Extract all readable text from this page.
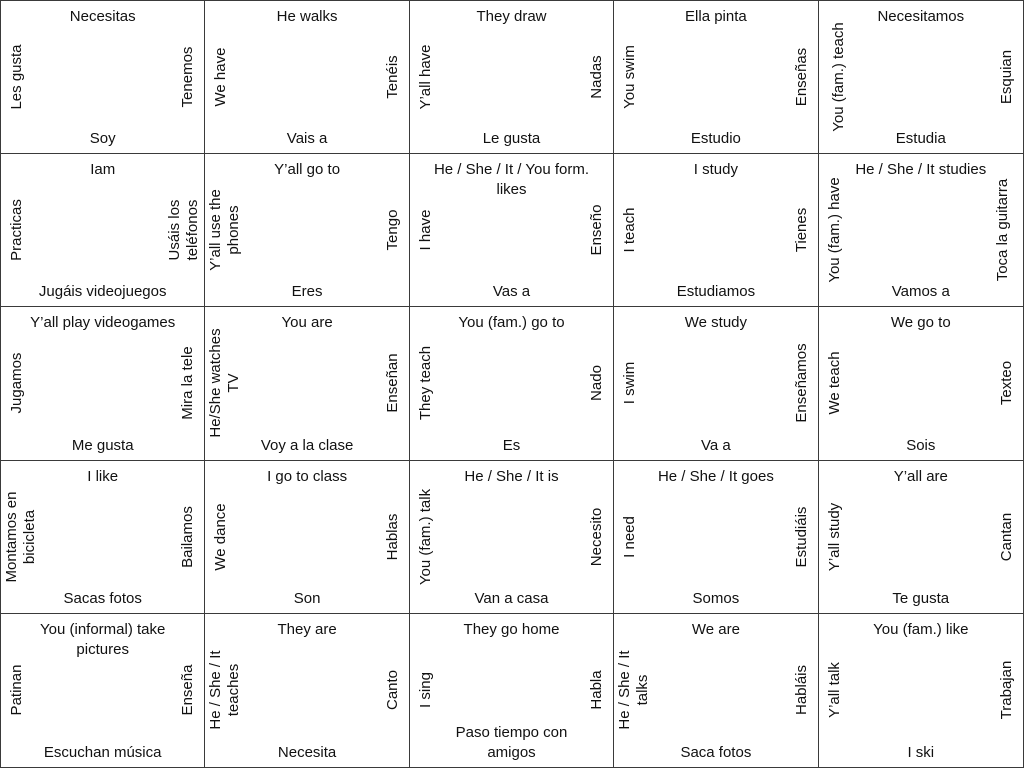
Necesitas
Soy
Les gusta	Tenemos
He walks
Vais a
We have	Tenéis
They draw
Le gusta
Y’all have	Nadas
Ella pinta
Estudio
You swim	Enseñas
Necesitamos
Estudia
You (fam.) teach	Esquian
Iam
Jugáis videojuegos
Practicas	Usáis los teléfonos
Y’all go to
Eres
Y’all use the phones	Tengo
He / She / It / You form. likes
Vas a
I have	Enseño
I study
Estudiamos
I teach	Tienes
He / She / It studies
Vamos a
You (fam.) have	Toca la guitarra
Y’all play videogames
Me gusta
Jugamos	Mira la tele
You are
Voy a la clase
He/She watches TV	Enseñan
You (fam.) go to
Es
They teach	Nado
We study
Va a
I swim	Enseñamos
We go to
Sois
We teach	Texteo
I like
Sacas fotos
Montamos en bicicleta	Bailamos
I go to class
Son
We dance	Hablas
He / She / It is
Van a casa
You (fam.) talk	Necesito
He / She / It goes
Somos
I need	Estudiáis
Y’all are
Te gusta
Y’all study	Cantan
You (informal) take pictures
Escuchan música
Patinan	Enseña
They are
Necesita
He / She / It teaches	Canto
They go home
Paso tiempo con amigos
I sing	Habla
We are
Saca fotos
He / She / It talks	Habláis
You (fam.) like
I ski
Y’all talk	Trabajan
